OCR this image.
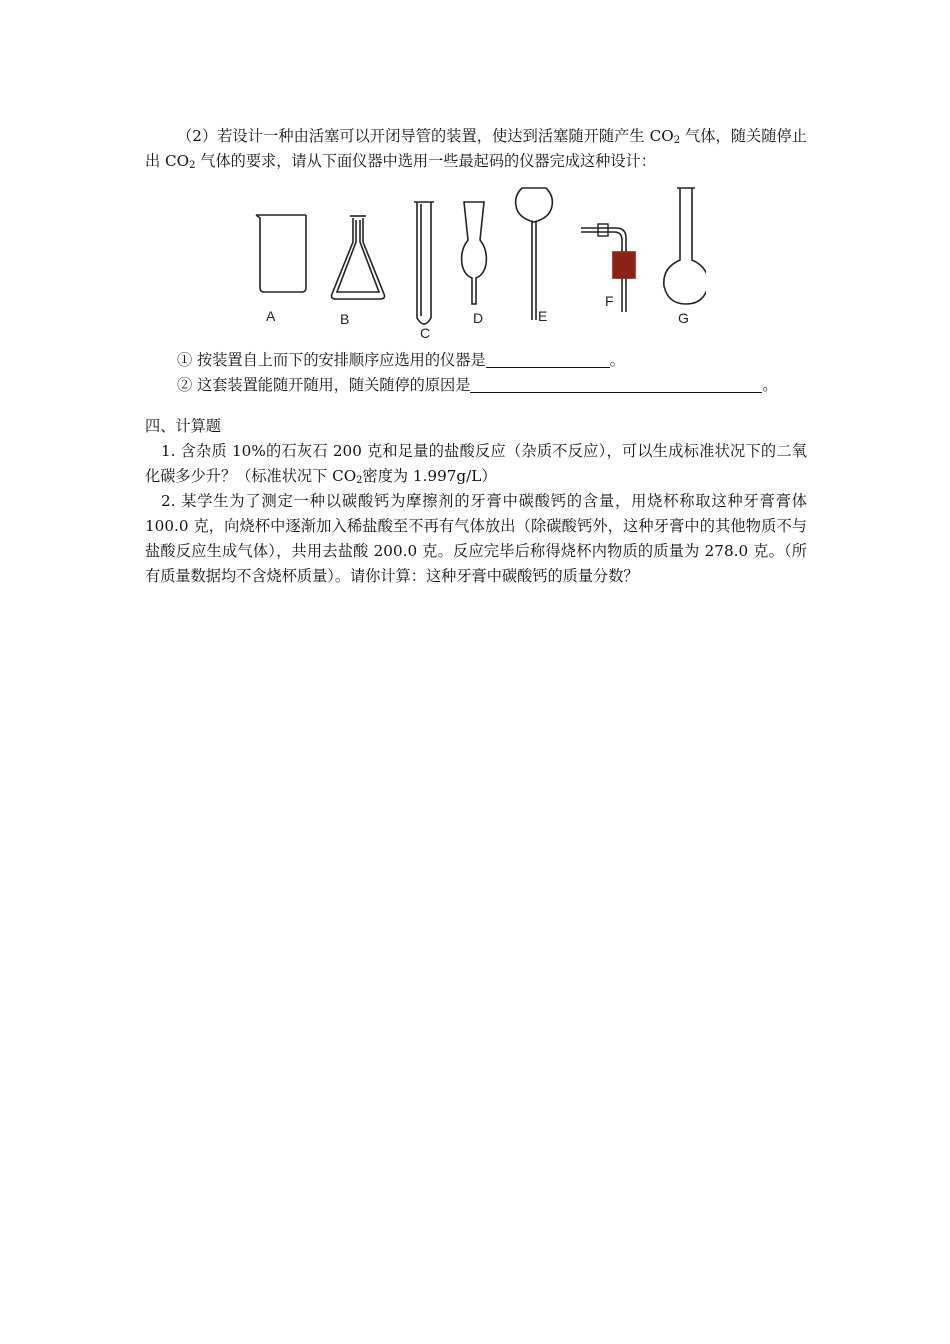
（2）若设计一种由活塞可以开闭导管的装置，使达到活塞随开随产生 $CO_2$ 气体，随关随停止出 $CO_2$ 气体的要求，请从下面仪器中选用一些最起码的仪器完成这种设计：

A	B
C
D	E
F
G

① 按装置自上而下的安排顺序应选用的仪器是	。

② 这套装置能随开随用，随关随停的原因是	。

四、计算题

1. 含杂质 10%的石灰石 200 克和足量的盐酸反应（杂质不反应），可以生成标准状况下的二氧化碳多少升？（标准状况下 $CO_2$密度为 1.997g/L）

2. 某学生为了测定一种以碳酸钙为摩擦剂的牙膏中碳酸钙的含量，用烧杯称取这种牙膏膏体 100.0 克，向烧杯中逐渐加入稀盐酸至不再有气体放出（除碳酸钙外，这种牙膏中的其他物质不与盐酸反应生成气体），共用去盐酸 200.0 克。反应完毕后称得烧杯内物质的质量为 278.0 克。（所有质量数据均不含烧杯质量）。请你计算：这种牙膏中碳酸钙的质量分数？
